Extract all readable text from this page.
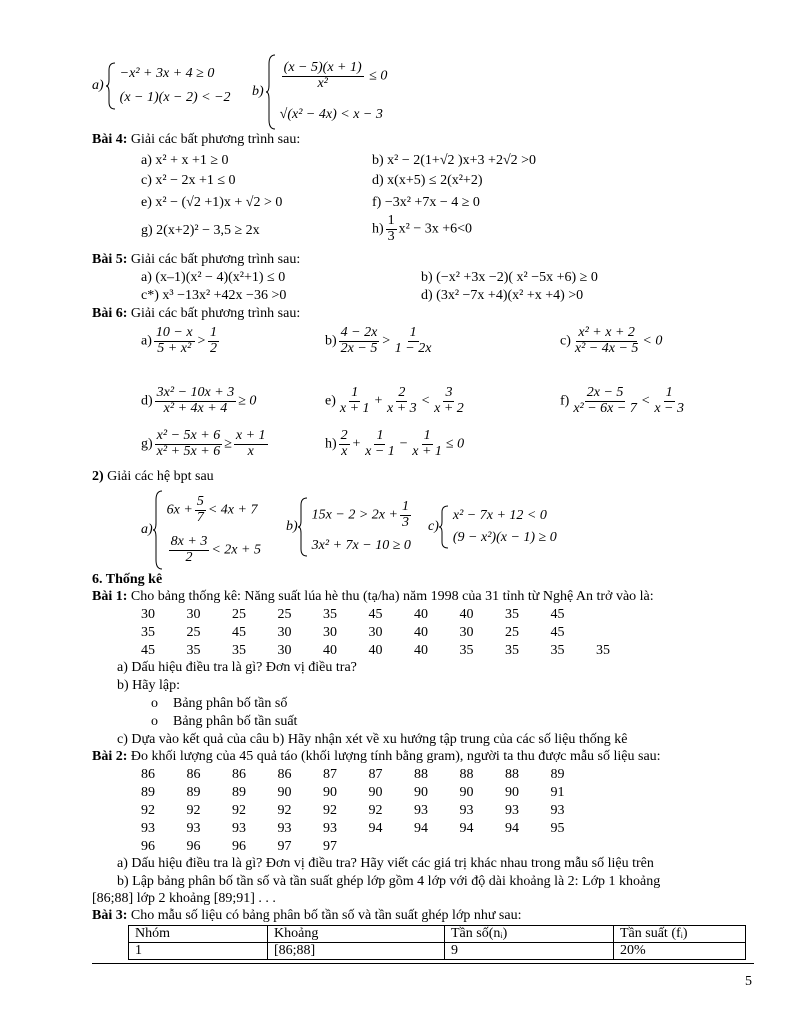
a)
−x² + 3x + 4 ≥ 0
(x − 1)(x − 2) < −2 $b) \frac{(x - 5)(x + 1)}{\text{x²}} \le 0$
√(x² − 4x) < x − 3
Bài 4: Giải các bất phương trình sau:
a) x² + x +1 ≥ 0	b) x² − 2(1+√2 )x+3 +2√2 >0
c) x² − 2x +1 ≤ 0	d) x(x+5) ≤ 2(x²+2)
e) x² − (√2 +1)x + √2 > 0	f) −3x² +7x − 4 ≥ 0
g) 2(x+2)² − 3,5 ≥ 2x	$h) \frac{1}{3} x^2 - 3x +6<0$
Bài 5: Giải các bất phương trình sau:
a) (x–1)(x² − 4)(x²+1) ≤ 0	b) (−x² +3x −2)( x² −5x +6) ≥ 0
c*) x³ −13x² +42x −36 >0	d) (3x² −7x +4)(x² +x +4) >0
Bài 6: Giải các bất phương trình sau:
$a) \frac{10 - x}{\text{5 + x²}} > \frac{1}{2}$	$b) \frac{4 - 2x}{2x - 5} > \frac{1}{1 - 2x}$	$c) \frac{\text{x² + x + 2}}{\text{x² − 4x − 5}} < 0$
$d) \frac{\text{3x² − 10x + 3}}{\text{x² + 4x + 4}} \ge 0$	$e) \frac{1}{x + 1} + \frac{2}{x + 3} < \frac{3}{x + 2}$	$f) \frac{2x - 5}{\text{x² − 6x − 7}} < \frac{1}{x - 3}$
$g) \frac{\text{x² − 5x + 6}}{\text{x² + 5x + 6}} \ge \frac{x + 1}{x}$	$h) \frac{2}{x} + \frac{1}{x - 1} - \frac{1}{x + 1} \le 0$
2) Giải các hệ bpt sau
a)
$6x + \frac{5}{7} < 4x + 7$
$\frac{8x + 3}{2} < 2x + 5$
b)
$15x - 2 > 2x + \frac{1}{3}$
3x² + 7x − 10 ≥ 0
c)
x² − 7x + 12 < 0
(9 − x²)(x − 1) ≥ 0
6. Thống kê
Bài 1: Cho bảng thống kê: Năng suất lúa hè thu (tạ/ha) năm 1998 của 31 tỉnh từ Nghệ An trở vào là:
30 30 25 25 35 45 40 40 35 45
35 25 45 30 30 30 40 30 25 45
45 35 35 30 40 40 40 35 35 35 35
a) Dấu hiệu điều tra là gì? Đơn vị điều tra?
b) Hãy lập:
o Bảng phân bố tần số
o Bảng phân bố tần suất
c) Dựa vào kết quả của câu b) Hãy nhận xét về xu hướng tập trung của các số liệu thống kê
Bài 2: Đo khối lượng của 45 quả táo (khối lượng tính bằng gram), người ta thu được mẫu số liệu sau:
86 86 86 86 87 87 88 88 88 89
89 89 89 90 90 90 90 90 90 91
92 92 92 92 92 92 93 93 93 93
93 93 93 93 93 94 94 94 94 95
96 96 96 97 97
a) Dấu hiệu điều tra là gì? Đơn vị điều tra? Hãy viết các giá trị khác nhau trong mẫu số liệu trên
b) Lập bảng phân bố tần số và tần suất ghép lớp gồm 4 lớp với độ dài khoảng là 2: Lớp 1 khoảng
[86;88] lớp 2 khoảng [89;91] . . .
Bài 3: Cho mẫu số liệu có bảng phân bố tần số và tần suất ghép lớp như sau:
Nhóm	Khoảng	Tần số(nᵢ)	Tần suất (fᵢ)
1	[86;88]	9	20%
5
